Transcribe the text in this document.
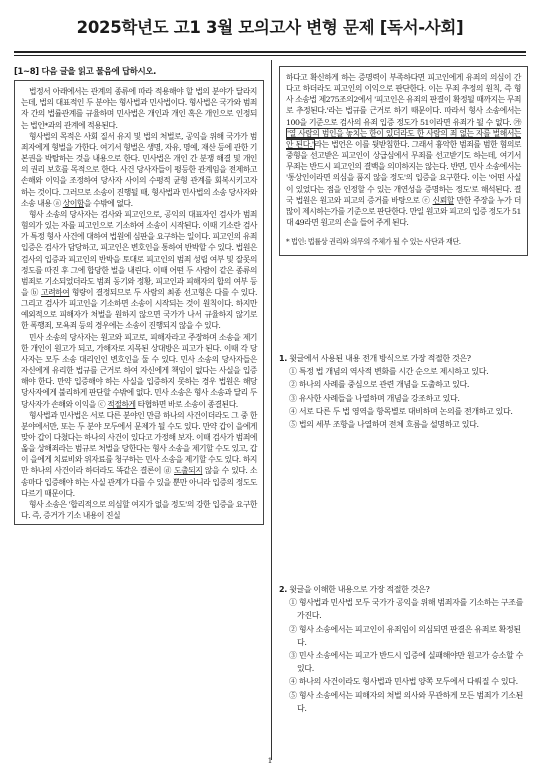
2025학년도 고1 3월 모의고사 변형 문제 [독서-사회]
[1~8] 다음 글을 읽고 물음에 답하시오.

법정서 아래에서는 관계의 종류에 따라 적용해야 할 법의 분야가 달라지는데, 법의 대표적인 두 분야는 형사법과 민사법이다. 형사법은 국가와 범죄자 간의 법률관계를 규율하며 민사법은 개인과 개인 혹은 개인으로 인정되는 법인*과의 관계에 적용된다.

형사법의 목적은 사회 질서 유지 및 법의 처벌로, 공익을 위해 국가가 범죄자에게 형벌을 가한다. 여기서 형벌은 생명, 자유, 명예, 재산 등에 관한 기본권을 박탈하는 것을 내용으로 한다. 민사법은 개인 간 분쟁 해결 및 개인의 권리 보호를 목적으로 한다. 사건 당사자들이 평등한 관계임을 전제하고 손해와 이익을 조정하여 당사자 사이의 수평적 균형 관계를 회복시키고자 하는 것이다. 그러므로 소송이 진행될 때, 형사법과 민사법의 소송 당사자와 소송 내용 ⓐ 상이함을 수밖에 없다.

형사 소송의 당사자는 검사와 피고인으로, 공익의 대표자인 검사가 범죄 혐의가 있는 자를 피고인으로 기소하여 소송이 시작된다. 이때 기소란 검사가 특정 형사 사건에 대하여 법원에 심판을 요구하는 일이다. 피고인의 유죄 입증은 검사가 담당하고, 피고인은 변호인을 통하여 반박할 수 있다. 법원은 검사의 입증과 피고인의 반박을 토대로 피고인의 범죄 성립 여부 및 잘못의 정도를 따진 후 그에 합당한 벌을 내린다. 이때 어떤 두 사람이 같은 종류의 범죄로 기소되었더라도 범죄 동기와 정황, 피고인과 피해자의 합의 여부 등을 ⓑ 고려하여 형량이 결정되므로 두 사람의 최종 선고형은 다를 수 있다. 그리고 검사가 피고인을 기소하면 소송이 시작되는 것이 원칙이다. 하지만 예외적으로 피해자가 처벌을 원하지 않으면 국가가 나서 규율하지 않기로 한 폭행죄, 모욕죄 등의 경우에는 소송이 진행되지 않을 수 있다.

민사 소송의 당사자는 원고와 피고로, 피해자라고 주장하며 소송을 제기한 개인이 원고가 되고, 가해자로 지목된 상대방은 피고가 된다. 이때 각 당사자는 모두 소송 대리인인 변호인을 둘 수 있다. 민사 소송의 당사자들은 자신에게 유리한 법규를 근거로 하여 자신에게 책임이 없다는 사실을 입증해야 한다. 만약 입증해야 하는 사실을 입증하지 못하는 경우 법원은 해당 당사자에게 불리하게 판단할 수밖에 없다. 민사 소송은 형사 소송과 달리 두 당사자가 손해와 이익을 ⓒ 적절하게 타협하면 바로 소송이 종결된다.

형사법과 민사법은 서로 다른 분야인 만큼 하나의 사건이더라도 그 중 한 분야에서만, 또는 두 분야 모두에서 문제가 될 수도 있다. 만약 갑이 을에게 맞아 갑이 다쳤다는 하나의 사건이 있다고 가정해 보자. 이때 검사가 범죄에 옮을 상해죄라는 범규로 처벌을 당한다는 형사 소송을 제기할 수도 있고, 갑이 을에게 치료비와 위자료를 청구하는 민사 소송을 제기할 수도 있다. 하지만 하나의 사건이라 하더라도 똑같은 결론이 ⓓ 도출되지 않을 수 있다. 소송마다 입증해야 하는 사실 관계가 다를 수 있을 뿐만 아니라 입증의 정도도 다르기 때문이다.

형사 소송은 '합리적으로 의심할 여지가 없을 정도'의 강한 입증을 요구한다. 즉, 증거가 기소 내용이 진실

하다고 확신하게 하는 증명력이 부족하다면 피고인에게 유죄의 의심이 간다고 하더라도 피고인의 이익으로 판단한다. 이는 무죄 추정의 원칙, 즉 형사 소송법 제275조의2에서 '피고인은 유죄의 판결이 확정될 때까지는 무죄로 추정된다.'라는 법규를 근거로 하기 때문이다. 따라서 형사 소송에서는 100을 기준으로 검사의 유죄 입증 정도가 51이라면 유죄가 될 수 없다. ㉮ '열 사람의 범인을 놓치는 한이 있더라도 한 사람의 죄 없는 자를 벌해서는 안 된다.'라는 법언은 이를 뒷받침한다. 그래서 흉악한 범죄를 범한 혐의로 중형을 선고받은 피고인이 상급심에서 무죄를 선고받기도 하는데, 여기서 무죄는 반드시 피고인의 결백을 의미하지는 않는다. 반면, 민사 소송에서는 '통상인이라면 의심을 품지 않을 정도'의 입증을 요구한다. 이는 '어떤 사실이 있었다는 점을 인정할 수 있는 개연성을 증명하는 정도'로 해석된다. 결국 법원은 원고와 피고의 증거를 바탕으로 ⓔ 신뢰할 만한 주장을 누가 더 많이 제시하는가를 기준으로 판단한다. 만일 원고와 피고의 입증 정도가 51 대 49라면 원고의 손을 들어 주게 된다.

* 법인: 법률상 권리와 의무의 주체가 될 수 있는 사단과 재단.

1. 윗글에서 사용된 내용 전개 방식으로 가장 적절한 것은?
① 특정 법 개념의 역사적 변화를 시간 순으로 제시하고 있다.
② 하나의 사례를 중심으로 관련 개념을 도출하고 있다.
③ 유사한 사례들을 나열하며 개념을 강조하고 있다.
④ 서로 다른 두 법 영역을 항목별로 대비하며 논의를 전개하고 있다.
⑤ 법의 세부 조항을 나열하며 전체 흐름을 설명하고 있다.
2. 윗글을 이해한 내용으로 가장 적절한 것은?
① 형사법과 민사법 모두 국가가 공익을 위해 범죄자를 기소하는 구조를 가진다.
② 형사 소송에서는 피고인이 유죄임이 의심되면 판결은 유죄로 확정된다.
③ 민사 소송에서는 피고가 반드시 입증에 실패해야만 원고가 승소할 수 있다.
④ 하나의 사건이라도 형사법과 민사법 양쪽 모두에서 다뤄질 수 있다.
⑤ 형사 소송에서는 피해자의 처벌 의사와 무관하게 모든 범죄가 기소된다.
1
